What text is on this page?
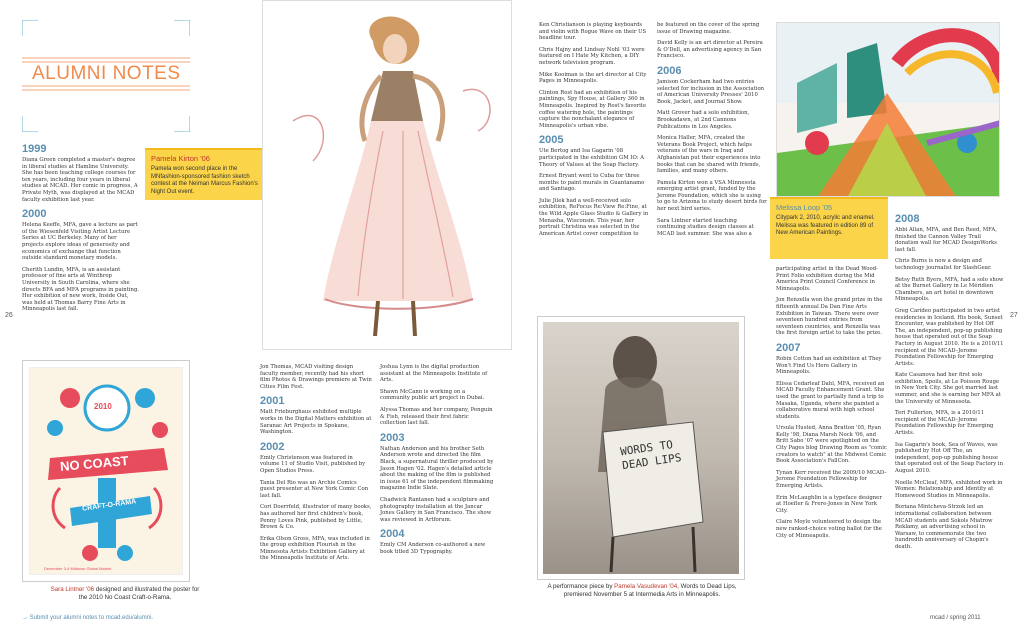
ALUMNI NOTES
1999
Diana Green completed a master's degree in liberal studies at Hamline University. She has been teaching college courses for ten years, including four years in liberal studies at MCAD. Her comic in progress, A Private Myth, was displayed at the MCAD faculty exhibition last year.
2000
Helena Keeffe, MFA, gave a lecture as part of the Wiesenfeld Visiting Artist Lecture Series at UC Berkeley. Many of her projects explore ideas of generosity and economics of exchange that function outside standard monetary models.
Cherith Lundin, MFA, is an assistant professor of fine arts at Winthrop University in South Carolina, where she directs BFA and MFA programs in painting. Her exhibition of new work, Inside Out, was held at Thomas Barry Fine Arts in Minneapolis last fall.
26
Pamela Kirton '06
Pamela won second place in the MNfashion-sponsored fashion sketch contest at the Neiman Marcus Fashion's Night Out event.
2010
NO COAST
CRAFT-O-RAMA
December 3-4 Midtown Global Market
Sara Lintner '06 designed and illustrated the poster for the 2010 No Coast Craft-o-Rama.
Jon Thomas, MCAD visiting design faculty member, recently had his short film Photos & Drawings premiere at Twin Cities Film Fest.
2001
Matt Frieburghaus exhibited multiple works in the Digital Matters exhibition at Saranac Art Projects in Spokane, Washington.
2002
Emily Christenson was featured in volume 11 of Studio Visit, published by Open Studios Press.
Tania Del Rio was an Archie Comics guest presenter at New York Comic Con last fall.
Cori Doerrfeld, illustrator of many books, has authored her first children's book, Penny Loves Pink, published by Little, Brown & Co.
Erika Olson Gross, MFA, was included in the group exhibition Flourish in the Minnesota Artists Exhibition Gallery at the Minneapolis Institute of Arts.
Joshua Lynn is the digital production assistant at the Minneapolis Institute of Arts.
Shawn McCann is working on a community public art project in Dubai.
Alyssa Thomas and her company, Penguin & Fish, released their first fabric collection last fall.
2003
Nathan Anderson and his brother Seth Anderson wrote and directed the film Black, a supernatural thriller produced by Jason Hagen '02. Hagen's detailed article about the making of the film is published in issue 61 of the independent filmmaking magazine Indie Slate.
Chadwick Rantanen had a sculpture and photography installation at the Jancar Jones Gallery in San Francisco. The show was reviewed in Artforum.
2004
Emily CM Anderson co-authored a new book titled 3D Typography.
Ken Christianson is playing keyboards and violin with Rogue Wave on their US headline tour.
Chris Hajny and Lindsay Nohl '03 were featured on I Hate My Kitchen, a DIY network television program.
Mike Kooiman is the art director at City Pages in Minneapolis.
Clinton Rost had an exhibition of his paintings, Spy House, at Gallery 360 in Minneapolis. Inspired by Rost's favorite coffee watering hole, the paintings capture the nonchalant elegance of Minneapolis's urban vibe.
2005
Ute Bertog and Isa Gagarin '08 participated in the exhibition GM IO: A Theory of Values at the Soap Factory.
Ernest Bryant went to Cuba for three months to paint murals in Guantanamo and Santiago.
Julie Jilek had a well-received solo exhibition, ReFocus Re:View Re:Fine, at the Wild Apple Glass Studio & Gallery in Menasha, Wisconsin. This year, her portrait Christina was selected in the American Artist cover competition to
be featured on the cover of the spring issue of Drawing magazine.
David Kelly is an art director at Pereira & O'Dell, an advertising agency in San Francisco.
2006
Jamison Cockerham had two entries selected for inclusion in the Association of American University Presses' 2010 Book, Jacket, and Journal Show.
Matt Grover had a solo exhibition, Brookadawn, at 2nd Cannons Publications in Los Angeles.
Monica Haller, MFA, created the Veterans Book Project, which helps veterans of the wars in Iraq and Afghanistan put their experiences into books that can be shared with friends, families, and many others.
Pamela Kirton won a VSA Minnesota emerging artist grant, funded by the Jerome Foundation, which she is using to go to Arizona to study desert birds for her next bird series.
Sara Lintner started teaching continuing studies design classes at MCAD last summer. She was also a
WORDS TO DEAD LIPS
A performance piece by Pamela Vasudevan '04, Words to Dead Lips, premiered November 5 at Intermedia Arts in Minneapolis.
Melissa Loop '05
Citypark 2, 2010, acrylic and enamel. Melissa was featured in edition 89 of New American Paintings.
participating artist in the Dead Wood-Print Folio exhibition during the Mid America Print Council Conference in Minneapolis.
Jon Renzella won the grand prize in the fifteenth annual Da Dan Fine Arts Exhibition in Taiwan. There were over seventeen hundred entries from seventeen countries, and Renzella was the first foreign artist to take the prize.
2007
Robin Cotton had an exhibition at They Won't Find Us Here Gallery in Minneapolis.
Elissa Cedarleaf Dahl, MFA, received an MCAD Faculty Enhancement Grant. She used the grant to partially fund a trip to Masaka, Uganda, where she painted a collaborative mural with high school students.
Ursula Husted, Anna Bratton '05, Ryan Kelly '98, Diana Marsh Nock '06, and Britt Sabo '07 were spotlighted on the City Pages blog Drawing Room as "comic creators to watch" at the Midwest Comic Book Association's FallCon.
Tynan Kerr received the 2009/10 MCAD–Jerome Foundation Fellowship for Emerging Artists.
Erin McLaughlin is a typeface designer at Hoefler & Frere-Jones in New York City.
Claire Moyle volunteered to design the new ranked-choice voting ballot for the City of Minneapolis.
2008
Abbi Allan, MFA, and Ben Reed, MFA, finished the Cannon Valley Trail donation wall for MCAD DesignWorks last fall.
Chris Burns is now a design and technology journalist for SlashGear.
Betsy Ruth Byers, MFA, had a solo show at the Burnet Gallery in Le Méridien Chambers, an art hotel in downtown Minneapolis.
Greg Carideo participated in two artist residencies in Iceland. His book, Sunset Encounter, was published by Hot Off The, an independent, pop-up publishing house that operated out of the Soap Factory in August 2010. He is a 2010/11 recipient of the MCAD–Jerome Foundation Fellowship for Emerging Artists.
Kate Casanova had her first solo exhibition, Spoils, at Le Poisson Rouge in New York City. She got married last summer, and she is earning her MFA at the University of Minnesota.
Teri Fullerton, MFA, is a 2010/11 recipient of the MCAD–Jerome Foundation Fellowship for Emerging Artists.
Isa Gagarin's book, Sea of Waves, was published by Hot Off The, an independent, pop-up publishing house that operated out of the Soap Factory in August 2010.
Noelle McCleaf, MFA, exhibited work in Women: Relationship and Identity at Homewood Studios in Minneapolis.
Boriana Mintcheva-Strzok led an international collaboration between MCAD students and Sokols Miatrow Reklamy, an advertising school in Warsaw, to commemorate the two hundredth anniversary of Chopin's death.
27
→ Submit your alumni notes to mcad.edu/alumni.	mcad / spring 2011
